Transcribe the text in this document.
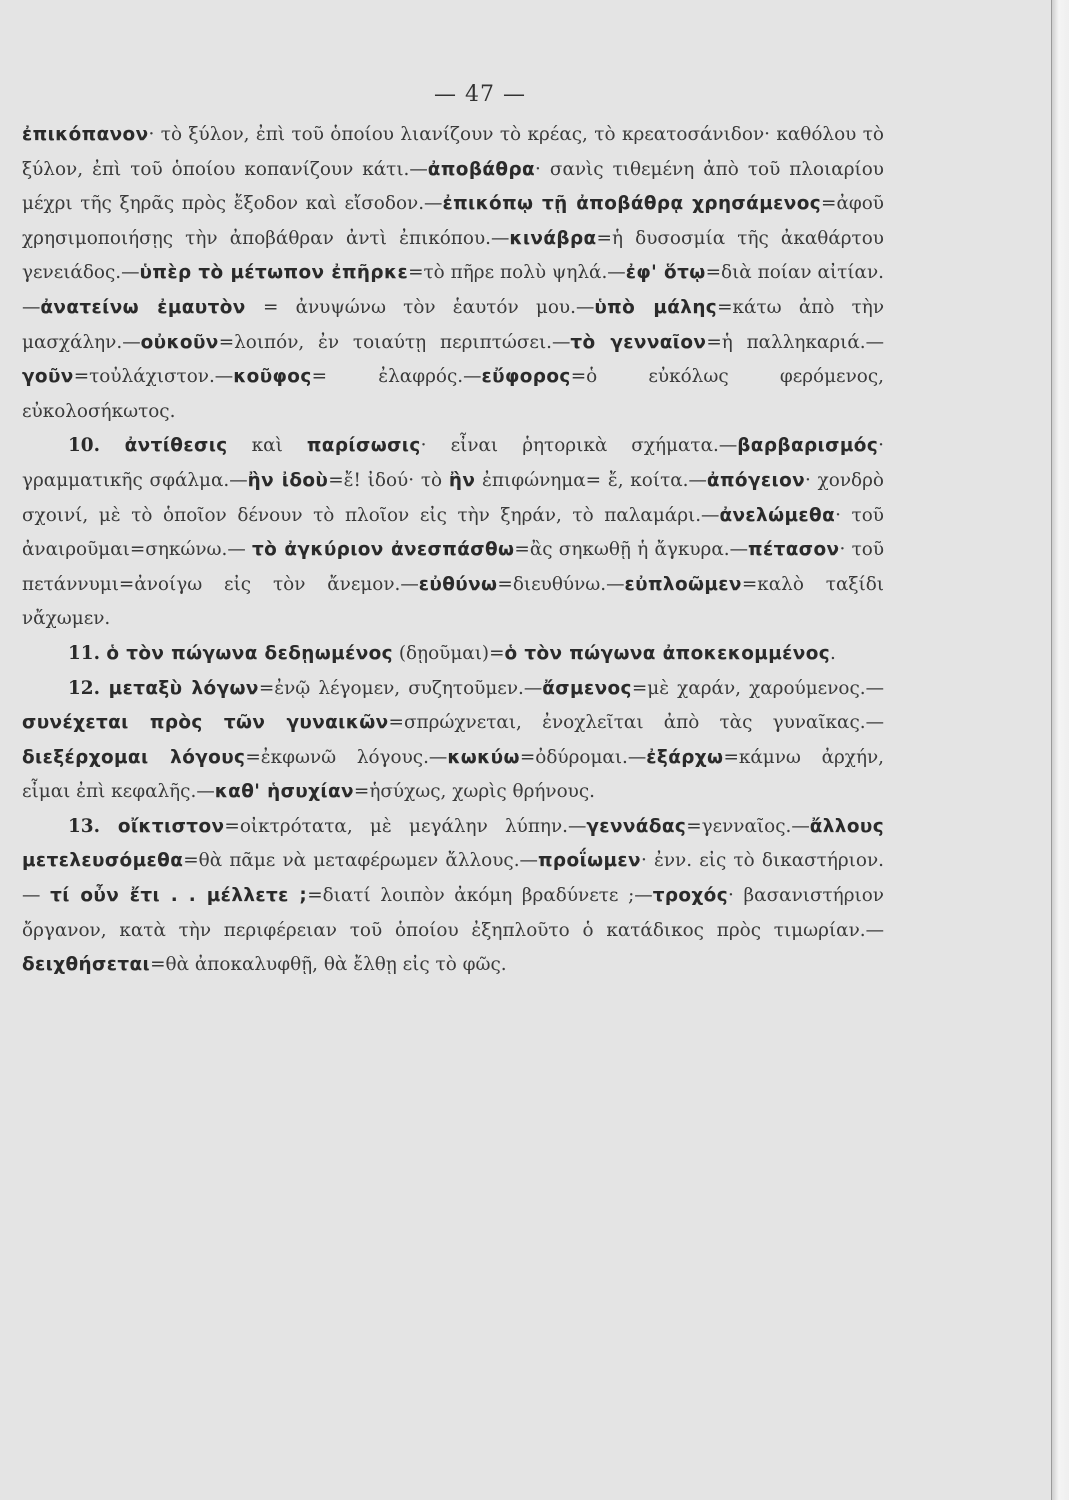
— 47 —

ἐπικόπανον· τὸ ξύλον, ἐπὶ τοῦ ὁποίου λιανίζουν τὸ κρέας, τὸ κρεατοσάνιδον· καθόλου τὸ ξύλον, ἐπὶ τοῦ ὁποίου κοπανίζουν κάτι.—ἀποβάθρα· σανὶς τιθεμένη ἀπὸ τοῦ πλοιαρίου μέχρι τῆς ξηρᾶς πρὸς ἔξοδον καὶ εἴσοδον.—ἐπικόπῳ τῇ ἀποβάθρᾳ χρησάμενος=ἀφοῦ χρησιμοποιήσῃς τὴν ἀποβάθραν ἀντὶ ἐπικόπου.—κινάβρα=ἡ δυσοσμία τῆς ἀκαθάρτου γενειάδος.—ὑπὲρ τὸ μέτωπον ἐπῆρκε=τὸ πῆρε πολὺ ψηλά.—ἐφ' ὅτῳ=διὰ ποίαν αἰτίαν.—ἀνατείνω ἐμαυτὸν = ἀνυψώνω τὸν ἑαυτόν μου.—ὑπὸ μάλης=κάτω ἀπὸ τὴν μασχάλην.—οὐκοῦν=λοιπόν, ἐν τοιαύτῃ περιπτώσει.—τὸ γενναῖον=ἡ παλληκαριά.—γοῦν=τοὐλάχιστον.—κοῦφος= ἐλαφρός.—εὔφορος=ὁ εὐκόλως φερόμενος, εὐκολοσήκωτος.

10. ἀντίθεσις καὶ παρίσωσις· εἶναι ῥητορικὰ σχήματα.—βαρβαρισμός· γραμματικῆς σφάλμα.—ἢν ἰδοὺ=ἔ! ἰδού· τὸ ἢν ἐπιφώνημα= ἔ, κοίτα.—ἀπόγειον· χονδρὸ σχοινί, μὲ τὸ ὁποῖον δένουν τὸ πλοῖον εἰς τὴν ξηράν, τὸ παλαμάρι.—ἀνελώμεθα· τοῦ ἀναιροῦμαι=σηκώνω.— τὸ ἀγκύριον ἀνεσπάσθω=ἂς σηκωθῇ ἡ ἄγκυρα.—πέτασον· τοῦ πετάννυμι=ἀνοίγω εἰς τὸν ἄνεμον.—εὐθύνω=διευθύνω.—εὐπλοῶμεν=καλὸ ταξίδι νἄχωμεν.

11. ὁ τὸν πώγωνα δεδῃωμένος (δῃοῦμαι)=ὁ τὸν πώγωνα ἀποκεκομμένος.

12. μεταξὺ λόγων=ἐνῷ λέγομεν, συζητοῦμεν.—ἄσμενος=μὲ χαράν, χαρούμενος.—συνέχεται πρὸς τῶν γυναικῶν=σπρώχνεται, ἐνοχλεῖται ἀπὸ τὰς γυναῖκας.—διεξέρχομαι λόγους=ἐκφωνῶ λόγους.—κωκύω=ὀδύρομαι.—ἐξάρχω=κάμνω ἀρχήν, εἶμαι ἐπὶ κεφαλῆς.—καθ' ἡσυχίαν=ἡσύχως, χωρὶς θρήνους.

13. οἴκτιστον=οἰκτρότατα, μὲ μεγάλην λύπην.—γεννάδας=γενναῖος.—ἄλλους μετελευσόμεθα=θὰ πᾶμε νὰ μεταφέρωμεν ἄλλους.—προΐωμεν· ἐνν. εἰς τὸ δικαστήριον.— τί οὖν ἔτι . . μέλλετε ;=διατί λοιπὸν ἀκόμη βραδύνετε ;—τροχός· βασανιστήριον ὄργανον, κατὰ τὴν περιφέρειαν τοῦ ὁποίου ἐξηπλοῦτο ὁ κατάδικος πρὸς τιμωρίαν.—δειχθήσεται=θὰ ἀποκαλυφθῇ, θὰ ἔλθῃ εἰς τὸ φῶς.
